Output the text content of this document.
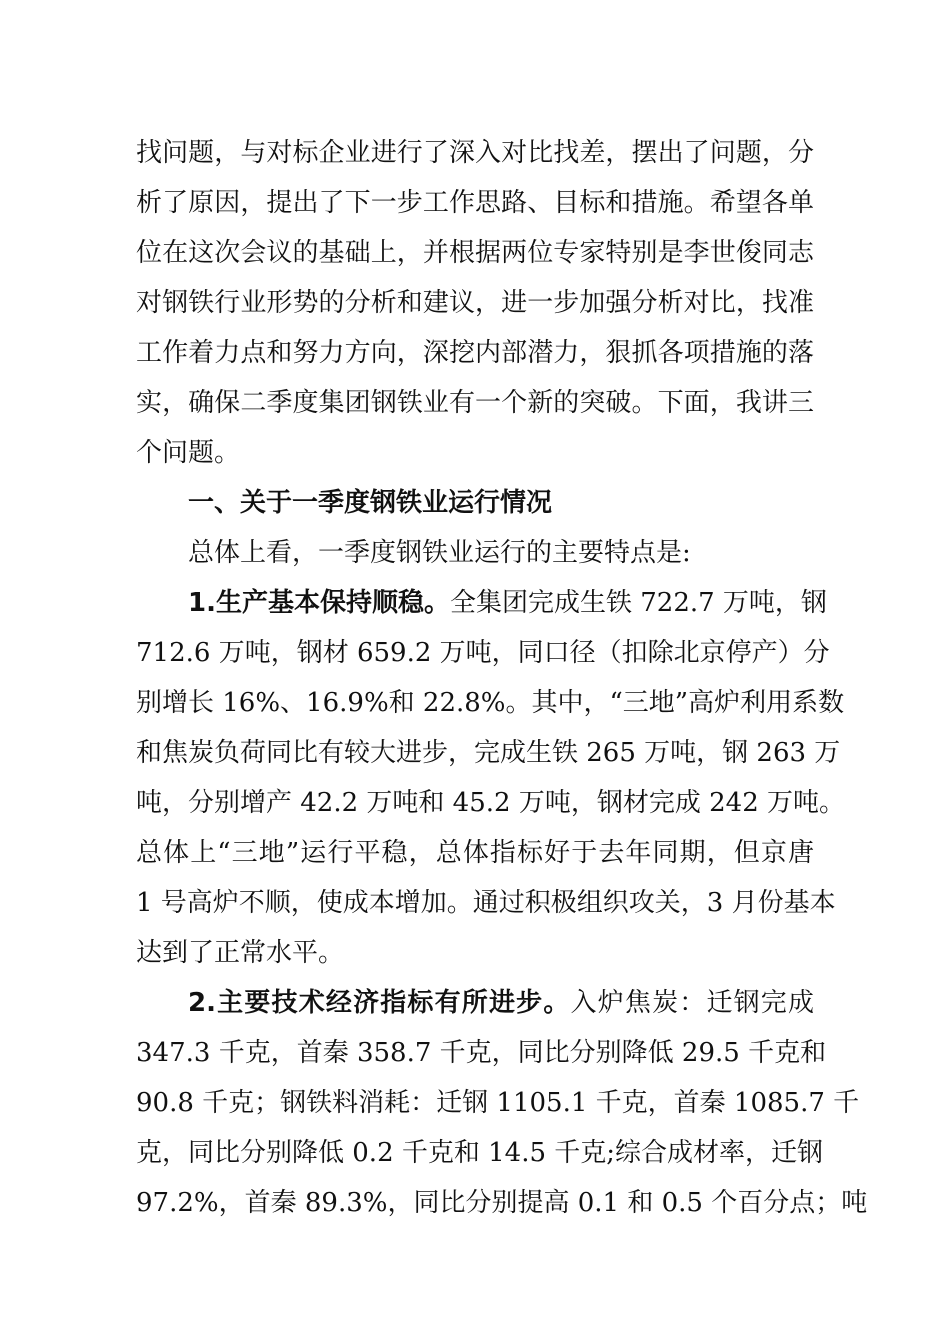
找问题，与对标企业进行了深入对比找差，摆出了问题，分
析了原因，提出了下一步工作思路、目标和措施。希望各单
位在这次会议的基础上，并根据两位专家特别是李世俊同志
对钢铁行业形势的分析和建议，进一步加强分析对比，找准
工作着力点和努力方向，深挖内部潜力，狠抓各项措施的落
实，确保二季度集团钢铁业有一个新的突破。下面，我讲三
个问题。
一、关于一季度钢铁业运行情况
总体上看，一季度钢铁业运行的主要特点是:
1.生产基本保持顺稳。全集团完成生铁 722.7 万吨，钢
712.6 万吨，钢材 659.2 万吨，同口径（扣除北京停产）分
别增长 16%、16.9%和 22.8%。其中，“三地”高炉利用系数
和焦炭负荷同比有较大进步，完成生铁 265 万吨，钢 263 万
吨，分别增产 42.2 万吨和 45.2 万吨，钢材完成 242 万吨。
总体上“三地”运行平稳，总体指标好于去年同期，但京唐
1 号高炉不顺，使成本增加。通过积极组织攻关，3 月份基本
达到了正常水平。
2.主要技术经济指标有所进步。入炉焦炭：迁钢完成
347.3 千克，首秦 358.7 千克，同比分别降低 29.5 千克和
90.8 千克；钢铁料消耗：迁钢 1105.1 千克，首秦 1085.7 千
克，同比分别降低 0.2 千克和 14.5 千克;综合成材率，迁钢
97.2%，首秦 89.3%，同比分别提高 0.1 和 0.5 个百分点；吨
